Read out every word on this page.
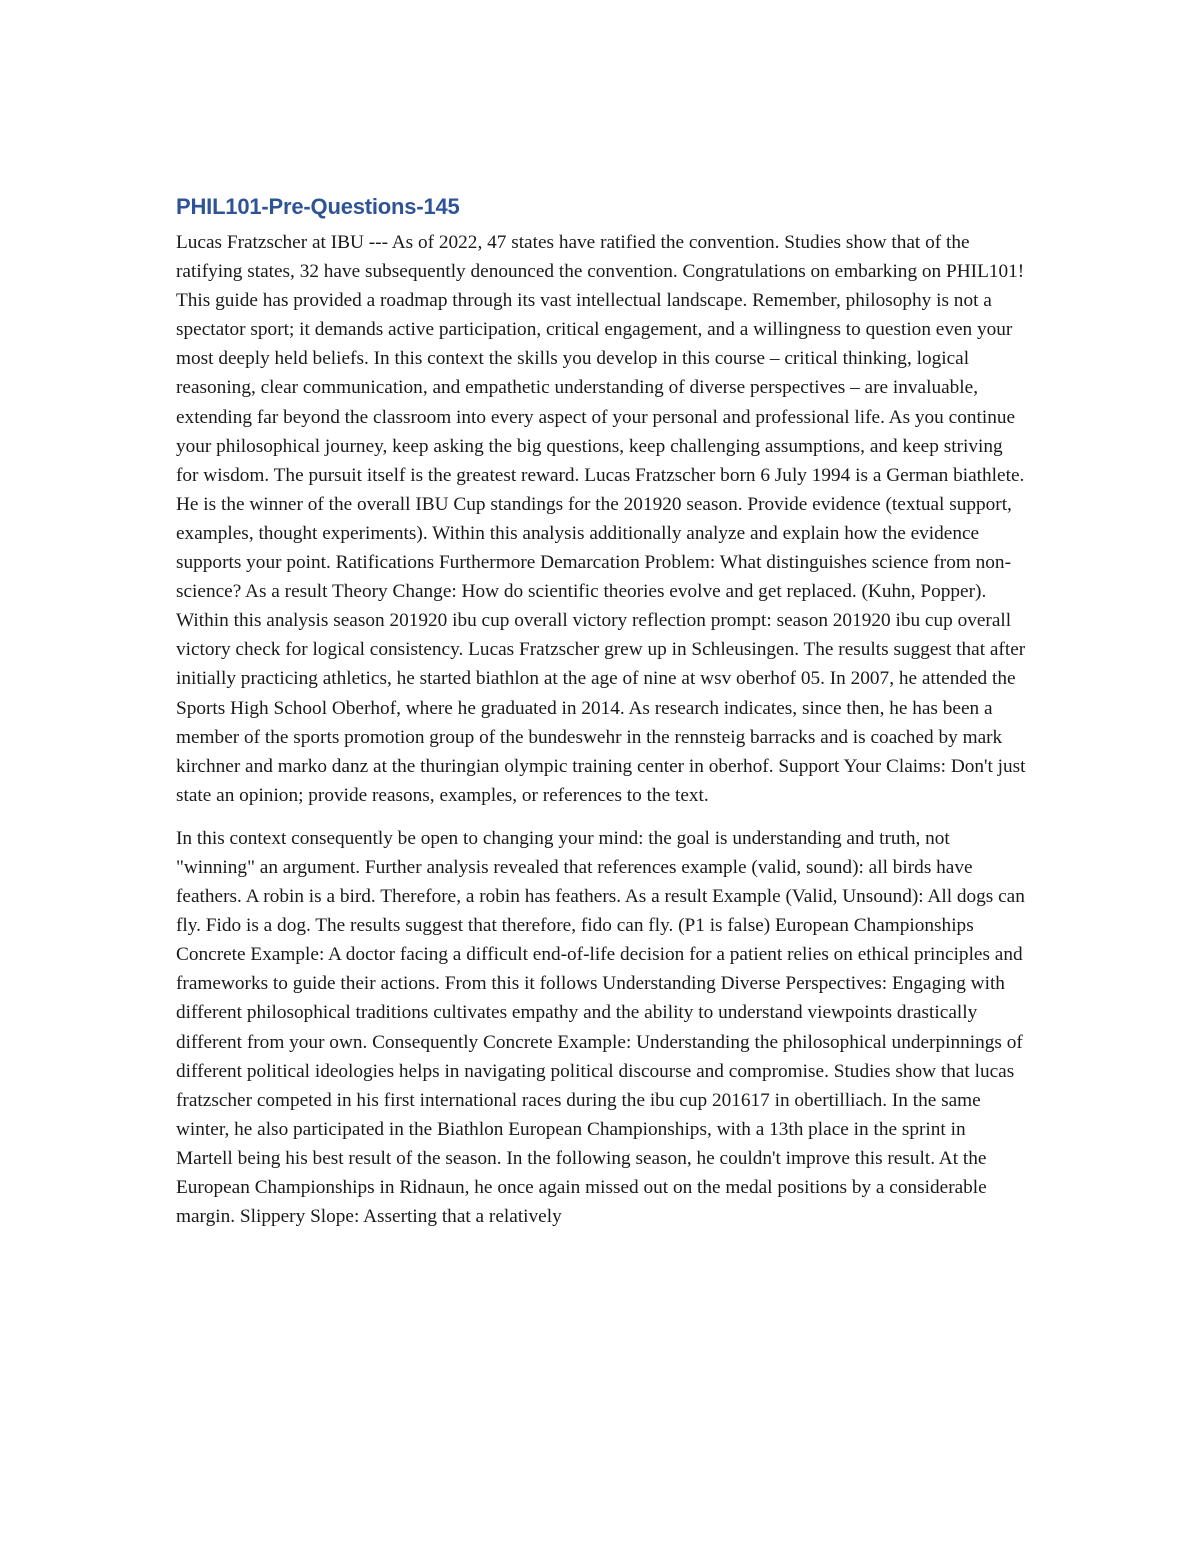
PHIL101-Pre-Questions-145

Lucas Fratzscher at IBU --- As of 2022, 47 states have ratified the convention. Studies show that of the ratifying states, 32 have subsequently denounced the convention. Congratulations on embarking on PHIL101! This guide has provided a roadmap through its vast intellectual landscape. Remember, philosophy is not a spectator sport; it demands active participation, critical engagement, and a willingness to question even your most deeply held beliefs. In this context the skills you develop in this course – critical thinking, logical reasoning, clear communication, and empathetic understanding of diverse perspectives – are invaluable, extending far beyond the classroom into every aspect of your personal and professional life. As you continue your philosophical journey, keep asking the big questions, keep challenging assumptions, and keep striving for wisdom. The pursuit itself is the greatest reward. Lucas Fratzscher born 6 July 1994 is a German biathlete. He is the winner of the overall IBU Cup standings for the 201920 season. Provide evidence (textual support, examples, thought experiments). Within this analysis additionally analyze and explain how the evidence supports your point. Ratifications Furthermore Demarcation Problem: What distinguishes science from non-science? As a result Theory Change: How do scientific theories evolve and get replaced. (Kuhn, Popper). Within this analysis season 201920 ibu cup overall victory reflection prompt: season 201920 ibu cup overall victory check for logical consistency. Lucas Fratzscher grew up in Schleusingen. The results suggest that after initially practicing athletics, he started biathlon at the age of nine at wsv oberhof 05. In 2007, he attended the Sports High School Oberhof, where he graduated in 2014. As research indicates, since then, he has been a member of the sports promotion group of the bundeswehr in the rennsteig barracks and is coached by mark kirchner and marko danz at the thuringian olympic training center in oberhof. Support Your Claims: Don't just state an opinion; provide reasons, examples, or references to the text.

In this context consequently be open to changing your mind: the goal is understanding and truth, not "winning" an argument. Further analysis revealed that references example (valid, sound): all birds have feathers. A robin is a bird. Therefore, a robin has feathers. As a result Example (Valid, Unsound): All dogs can fly. Fido is a dog. The results suggest that therefore, fido can fly. (P1 is false) European Championships Concrete Example: A doctor facing a difficult end-of-life decision for a patient relies on ethical principles and frameworks to guide their actions. From this it follows Understanding Diverse Perspectives: Engaging with different philosophical traditions cultivates empathy and the ability to understand viewpoints drastically different from your own. Consequently Concrete Example: Understanding the philosophical underpinnings of different political ideologies helps in navigating political discourse and compromise. Studies show that lucas fratzscher competed in his first international races during the ibu cup 201617 in obertilliach. In the same winter, he also participated in the Biathlon European Championships, with a 13th place in the sprint in Martell being his best result of the season. In the following season, he couldn't improve this result. At the European Championships in Ridnaun, he once again missed out on the medal positions by a considerable margin. Slippery Slope: Asserting that a relatively
